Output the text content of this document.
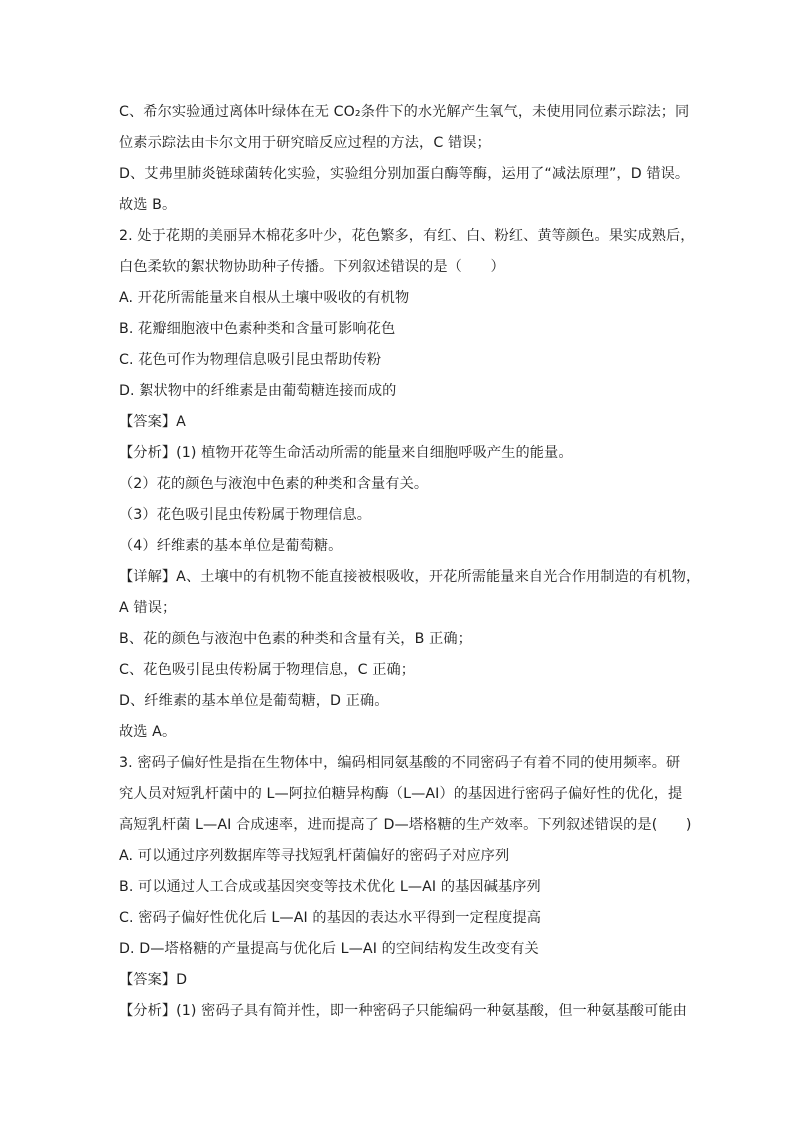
C、希尔实验通过离体叶绿体在无 CO₂条件下的水光解产生氧气，未使用同位素示踪法；同
位素示踪法由卡尔文用于研究暗反应过程的方法，C 错误；
D、艾弗里肺炎链球菌转化实验，实验组分别加蛋白酶等酶，运用了“减法原理”，D 错误。
故选 B。
2. 处于花期的美丽异木棉花多叶少，花色繁多，有红、白、粉红、黄等颜色。果实成熟后，
白色柔软的絮状物协助种子传播。下列叙述错误的是（　　）
A. 开花所需能量来自根从土壤中吸收的有机物
B. 花瓣细胞液中色素种类和含量可影响花色
C. 花色可作为物理信息吸引昆虫帮助传粉
D. 絮状物中的纤维素是由葡萄糖连接而成的
【答案】A
【分析】(1) 植物开花等生命活动所需的能量来自细胞呼吸产生的能量。
（2）花的颜色与液泡中色素的种类和含量有关。
（3）花色吸引昆虫传粉属于物理信息。
（4）纤维素的基本单位是葡萄糖。
【详解】A、土壤中的有机物不能直接被根吸收，开花所需能量来自光合作用制造的有机物，
A 错误；
B、花的颜色与液泡中色素的种类和含量有关，B 正确；
C、花色吸引昆虫传粉属于物理信息，C 正确；
D、纤维素的基本单位是葡萄糖，D 正确。
故选 A。
3. 密码子偏好性是指在生物体中，编码相同氨基酸的不同密码子有着不同的使用频率。研
究人员对短乳杆菌中的 L—阿拉伯糖异构酶（L—AI）的基因进行密码子偏好性的优化，提
高短乳杆菌 L—AI 合成速率，进而提高了 D—塔格糖的生产效率。下列叙述错误的是(　　)
A. 可以通过序列数据库等寻找短乳杆菌偏好的密码子对应序列
B. 可以通过人工合成或基因突变等技术优化 L—AI 的基因碱基序列
C. 密码子偏好性优化后 L—AI 的基因的表达水平得到一定程度提高
D. D—塔格糖的产量提高与优化后 L—AI 的空间结构发生改变有关
【答案】D
【分析】(1) 密码子具有简并性，即一种密码子只能编码一种氨基酸，但一种氨基酸可能由
